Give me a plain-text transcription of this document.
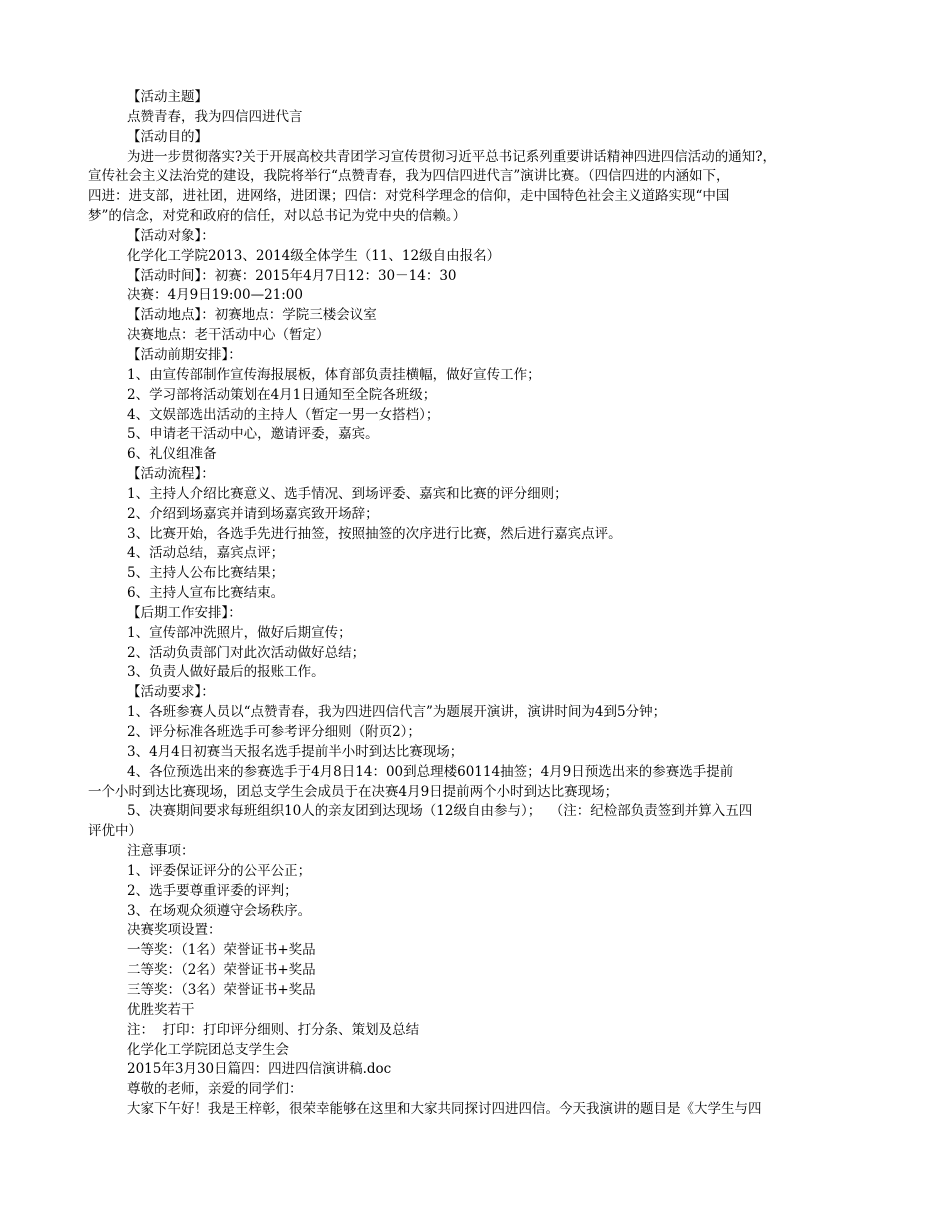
【活动主题】
点赞青春，我为四信四进代言
【活动目的】
为进一步贯彻落实?关于开展高校共青团学习宣传贯彻习近平总书记系列重要讲话精神四进四信活动的通知?，
宣传社会主义法治党的建设，我院将举行“点赞青春，我为四信四进代言”演讲比赛。（四信四进的内涵如下，
四进：进支部，进社团，进网络，进团课；四信：对党科学理念的信仰，走中国特色社会主义道路实现“中国
梦”的信念，对党和政府的信任，对以总书记为党中央的信赖。）
【活动对象】：
化学化工学院2013、2014级全体学生（11、12级自由报名）
【活动时间】：初赛：2015年4月7日12：30－14：30
决赛：4月9日19:00—21:00
【活动地点】：初赛地点：学院三楼会议室
决赛地点：老干活动中心（暂定）
【活动前期安排】：
1、由宣传部制作宣传海报展板，体育部负责挂横幅，做好宣传工作；
2、学习部将活动策划在4月1日通知至全院各班级；
4、文娱部选出活动的主持人（暂定一男一女搭档）；
5、申请老干活动中心，邀请评委，嘉宾。
6、礼仪组准备
【活动流程】：
1、主持人介绍比赛意义、选手情况、到场评委、嘉宾和比赛的评分细则；
2、介绍到场嘉宾并请到场嘉宾致开场辞；
3、比赛开始，各选手先进行抽签，按照抽签的次序进行比赛，然后进行嘉宾点评。
4、活动总结，嘉宾点评；
5、主持人公布比赛结果；
6、主持人宣布比赛结束。
【后期工作安排】：
1、宣传部冲洗照片，做好后期宣传；
2、活动负责部门对此次活动做好总结；
3、负责人做好最后的报账工作。
【活动要求】：
1、各班参赛人员以“点赞青春，我为四进四信代言”为题展开演讲，演讲时间为4到5分钟；
2、评分标准各班选手可参考评分细则（附页2）；
3、4月4日初赛当天报名选手提前半小时到达比赛现场；
4、各位预选出来的参赛选手于4月8日14：00到总理楼60114抽签；4月9日预选出来的参赛选手提前
一个小时到达比赛现场，团总支学生会成员于在决赛4月9日提前两个小时到达比赛现场；
5、决赛期间要求每班组织10人的亲友团到达现场（12级自由参与）；  （注：纪检部负责签到并算入五四
评优中）
注意事项：
1、评委保证评分的公平公正；
2、选手要尊重评委的评判；
3、在场观众须遵守会场秩序。
决赛奖项设置：
一等奖：（1名）荣誉证书+奖品
二等奖：（2名）荣誉证书+奖品
三等奖：（3名）荣誉证书+奖品
优胜奖若干
注：  打印：打印评分细则、打分条、策划及总结
化学化工学院团总支学生会
2015年3月30日篇四：四进四信演讲稿.doc
尊敬的老师，亲爱的同学们：
大家下午好！我是王梓彰，很荣幸能够在这里和大家共同探讨四进四信。今天我演讲的题目是《大学生与四
